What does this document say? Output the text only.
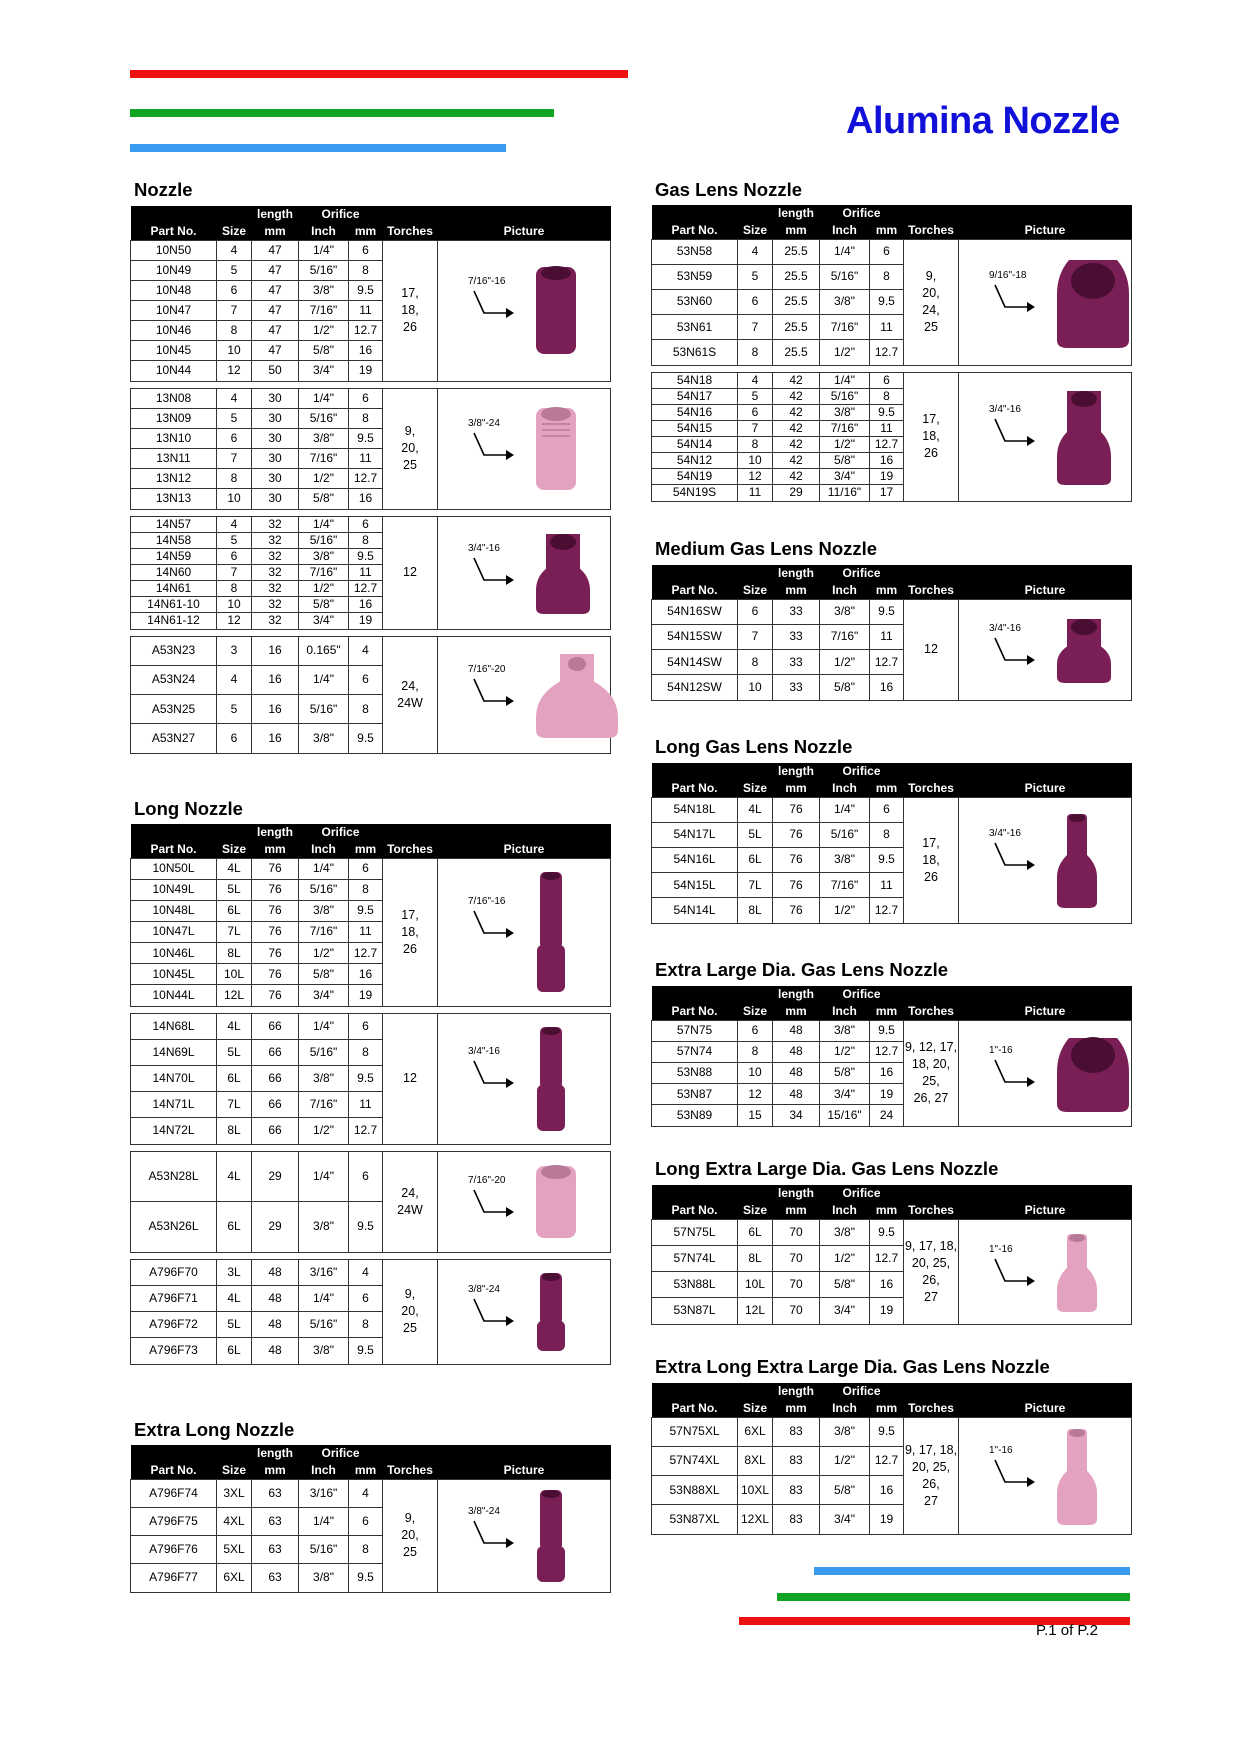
Alumina Nozzle
P.1 of P.2
Nozzle
Long Nozzle
Extra Long Nozzle
Gas Lens Nozzle
Medium Gas Lens Nozzle
Long Gas Lens Nozzle
Extra Large Dia. Gas Lens Nozzle
Long Extra Large Dia. Gas Lens Nozzle
Extra Long Extra Large Dia. Gas Lens Nozzle
		length	Orifice			
Part No.	Size	mm	Inch	mm	Torches	Picture
10N50	4	47	1/4"	6	17,
18,
26	7/16"-16

10N49	5	47	5/16"	8		
10N48	6	47	3/8"	9.5		
10N47	7	47	7/16"	11		
10N46	8	47	1/2"	12.7		
10N45	10	47	5/8"	16		
10N44	12	50	3/4"	19		

13N08	4	30	1/4"	6	9,
20,
25	3/8"-24

13N09	5	30	5/16"	8		
13N10	6	30	3/8"	9.5		
13N11	7	30	7/16"	11		
13N12	8	30	1/2"	12.7		
13N13	10	30	5/8"	16		

14N57	4	32	1/4"	6	12	3/4"-16

14N58	5	32	5/16"	8		
14N59	6	32	3/8"	9.5		
14N60	7	32	7/16"	11		
14N61	8	32	1/2"	12.7		
14N61-10	10	32	5/8"	16		
14N61-12	12	32	3/4"	19		

A53N23	3	16	0.165"	4	24,
24W	7/16"-20

A53N24	4	16	1/4"	6		
A53N25	5	16	5/16"	8		
A53N27	6	16	3/8"	9.5		
		length	Orifice			
Part No.	Size	mm	Inch	mm	Torches	Picture
10N50L	4L	76	1/4"	6	17,
18,
26	7/16"-16

10N49L	5L	76	5/16"	8		
10N48L	6L	76	3/8"	9.5		
10N47L	7L	76	7/16"	11		
10N46L	8L	76	1/2"	12.7		
10N45L	10L	76	5/8"	16		
10N44L	12L	76	3/4"	19		

14N68L	4L	66	1/4"	6	12	3/4"-16

14N69L	5L	66	5/16"	8		
14N70L	6L	66	3/8"	9.5		
14N71L	7L	66	7/16"	11		
14N72L	8L	66	1/2"	12.7		

A53N28L	4L	29	1/4"	6	24,
24W	7/16"-20

A53N26L	6L	29	3/8"	9.5		

A796F70	3L	48	3/16"	4	9,
20,
25	3/8"-24

A796F71	4L	48	1/4"	6		
A796F72	5L	48	5/16"	8		
A796F73	6L	48	3/8"	9.5		
		length	Orifice			
Part No.	Size	mm	Inch	mm	Torches	Picture
A796F74	3XL	63	3/16"	4	9,
20,
25	3/8"-24

A796F75	4XL	63	1/4"	6		
A796F76	5XL	63	5/16"	8		
A796F77	6XL	63	3/8"	9.5		
		length	Orifice			
Part No.	Size	mm	Inch	mm	Torches	Picture
53N58	4	25.5	1/4"	6	9,
20,
24,
25	9/16"-18

53N59	5	25.5	5/16"	8		
53N60	6	25.5	3/8"	9.5		
53N61	7	25.5	7/16"	11		
53N61S	8	25.5	1/2"	12.7		

54N18	4	42	1/4"	6	17,
18,
26	3/4"-16

54N17	5	42	5/16"	8		
54N16	6	42	3/8"	9.5		
54N15	7	42	7/16"	11		
54N14	8	42	1/2"	12.7		
54N12	10	42	5/8"	16		
54N19	12	42	3/4"	19		
54N19S	11	29	11/16"	17		
		length	Orifice			
Part No.	Size	mm	Inch	mm	Torches	Picture
54N16SW	6	33	3/8"	9.5	12	3/4"-16

54N15SW	7	33	7/16"	11		
54N14SW	8	33	1/2"	12.7		
54N12SW	10	33	5/8"	16		
		length	Orifice			
Part No.	Size	mm	Inch	mm	Torches	Picture
54N18L	4L	76	1/4"	6	17,
18,
26	3/4"-16

54N17L	5L	76	5/16"	8		
54N16L	6L	76	3/8"	9.5		
54N15L	7L	76	7/16"	11		
54N14L	8L	76	1/2"	12.7		
		length	Orifice			
Part No.	Size	mm	Inch	mm	Torches	Picture
57N75	6	48	3/8"	9.5	9, 12, 17,
18, 20, 25,
26, 27	1"-16

57N74	8	48	1/2"	12.7		
53N88	10	48	5/8"	16		
53N87	12	48	3/4"	19		
53N89	15	34	15/16"	24		
		length	Orifice			
Part No.	Size	mm	Inch	mm	Torches	Picture
57N75L	6L	70	3/8"	9.5	9, 17, 18,
20, 25, 26,
27	1"-16

57N74L	8L	70	1/2"	12.7		
53N88L	10L	70	5/8"	16		
53N87L	12L	70	3/4"	19		
		length	Orifice			
Part No.	Size	mm	Inch	mm	Torches	Picture
57N75XL	6XL	83	3/8"	9.5	9, 17, 18,
20, 25, 26,
27	1"-16

57N74XL	8XL	83	1/2"	12.7		
53N88XL	10XL	83	5/8"	16		
53N87XL	12XL	83	3/4"	19		
